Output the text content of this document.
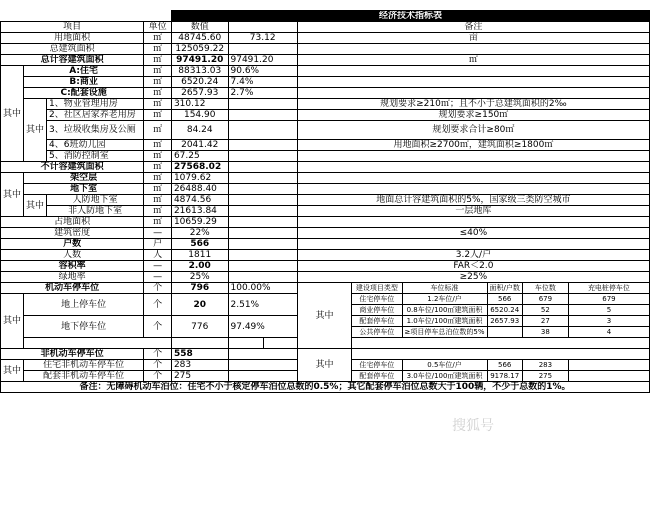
				经济技术指标表								
项目			单位	数值			备注					
用地面积			㎡	48745.60	73.12		亩					
总建筑面积			㎡	125059.22								
总计容建筑面积			㎡	97491.20	97491.20		㎡					
其中	A:住宅		㎡	88313.03	90.6%							
	B:商业		㎡	6520.24	7.4%							
	C:配套设施		㎡	2657.93	2.7%							
	其中	1、物业管理用房	㎡	310.12			规划要求≥210㎡；且不小于总建筑面积的2‰					
		2、社区居家养老用房	㎡	154.90			规划要求≥150㎡					
		3、垃圾收集房及公厕	㎡	84.24			规划要求合计≥80㎡					
		4、6班幼儿园	㎡	2041.42			用地面积≥2700㎡，建筑面积≥1800㎡					
		5、消防控制室	㎡	67.25								
不计容建筑面积			㎡	27568.02								
其中	架空层		㎡	1079.62								
	地下室		㎡	26488.40								
	其中	人防地下室	㎡	4874.56			地面总计容建筑面积的5%，国家级三类防空城市					
		非人防地下室	㎡	21613.84			一层地库					
占地面积			㎡	10659.29								
建筑密度			—	22%			≤40%					
户数			户	566								
人数			人	1811			3.2人/户					
容积率			—	2.00			FAR＜2.0					
绿地率			—	25%			≥25%					
机动车停车位			个	796	100.00%		其中	建设项目类型	车位标准	面积/户数	车位数	充电桩停车位
其中	地上停车位		个	20	2.51%			住宅停车位	1.2车位/户	566	679	679
								商业停车位	0.8车位/100㎡建筑面积	6520.24	52	5
	地下停车位		个	776	97.49%			配套停车位	1.0车位/100㎡建筑面积	2657.93	27	3
								公共停车位	≥项目停车总泊位数的5%		38	4

非机动车停车位			个	558			其中					
其中	住宅非机动车停车位		个	283				住宅停车位	0.5车位/户	566	283	
	配套非机动车停车位		个	275				配套停车位	3.0车位/100㎡建筑面积	9178.17	275	
备注：无障碍机动车泊位：住宅不小于核定停车泊位总数的0.5%；其它配套停车泊位总数大于100辆，不少于总数的1%。												
搜狐号
